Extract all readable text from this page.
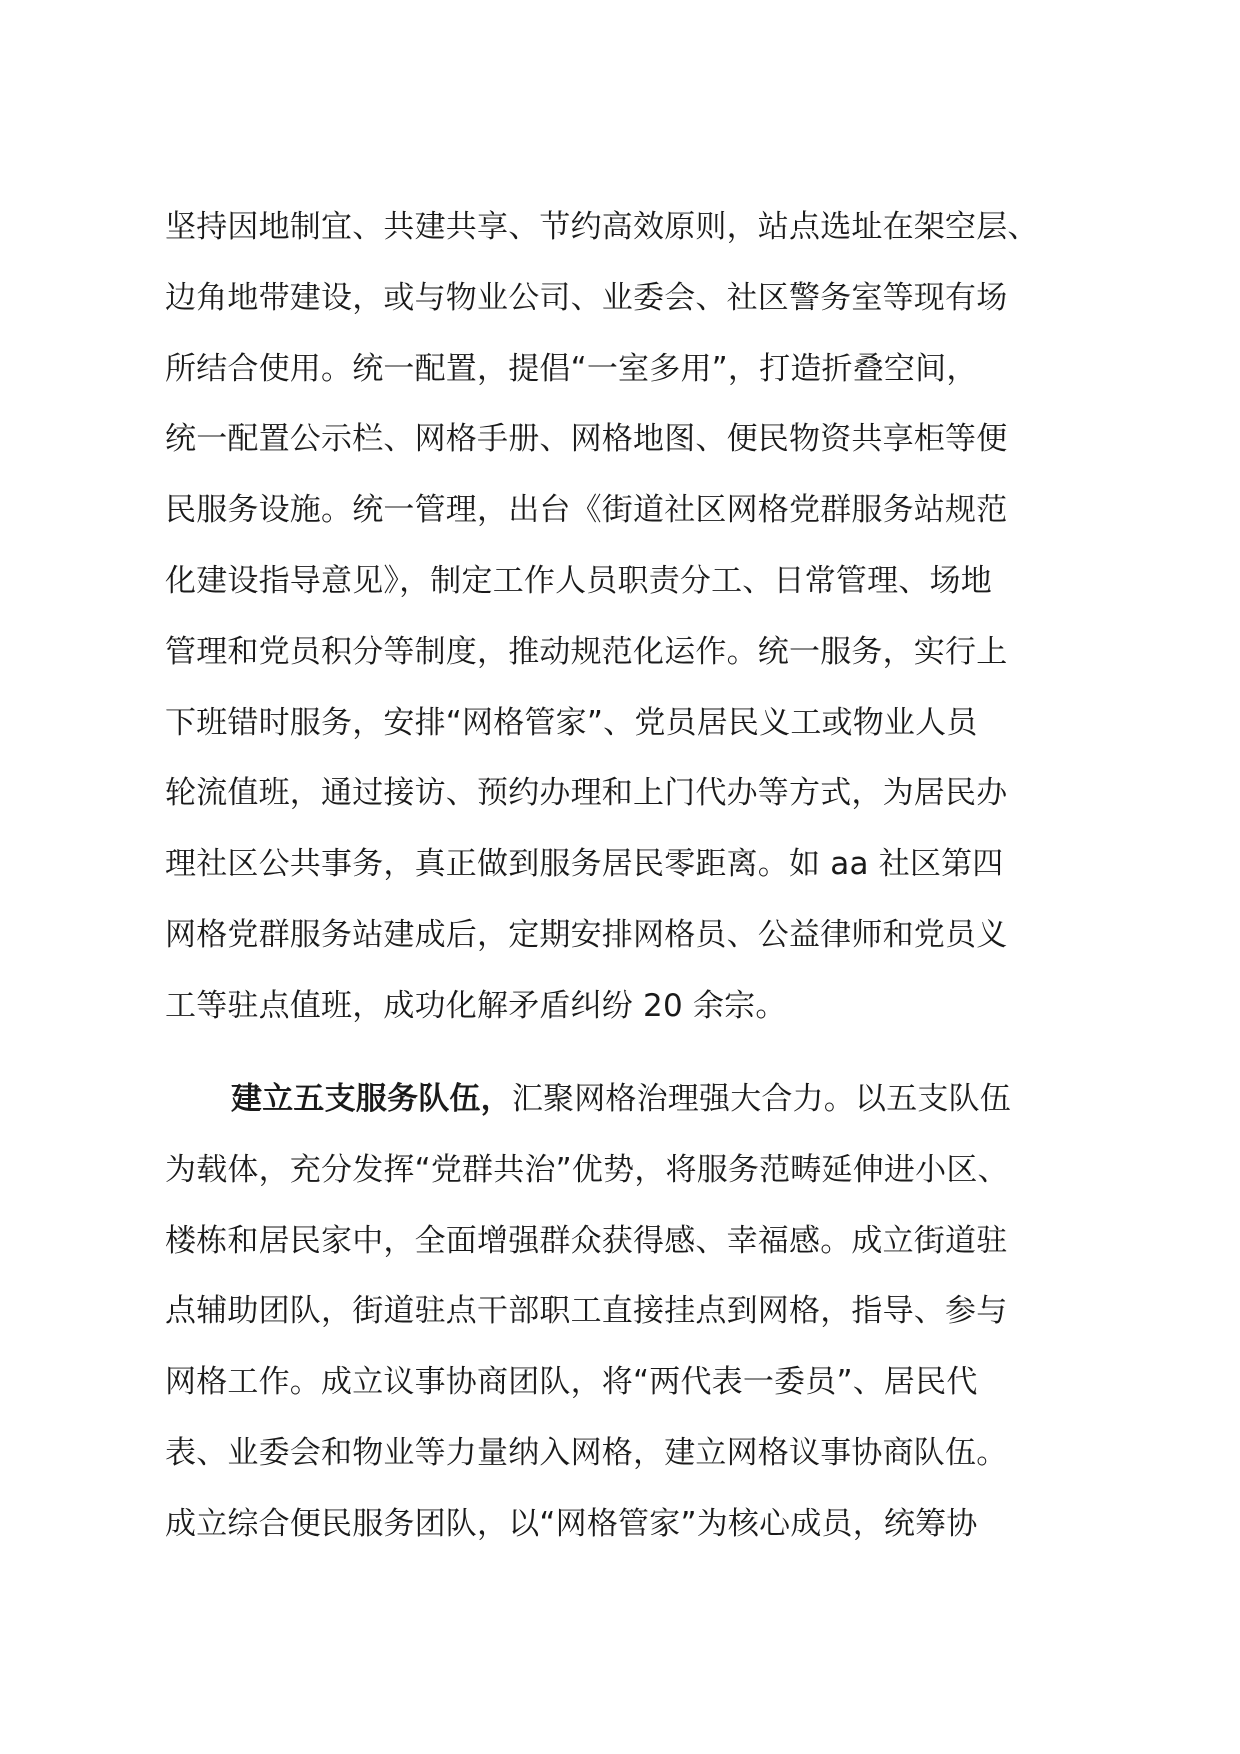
坚持因地制宜、共建共享、节约高效原则，站点选址在架空层、
边角地带建设，或与物业公司、业委会、社区警务室等现有场
所结合使用。统一配置，提倡“一室多用”，打造折叠空间，
统一配置公示栏、网格手册、网格地图、便民物资共享柜等便
民服务设施。统一管理，出台《街道社区网格党群服务站规范
化建设指导意见》，制定工作人员职责分工、日常管理、场地
管理和党员积分等制度，推动规范化运作。统一服务，实行上
下班错时服务，安排“网格管家”、党员居民义工或物业人员
轮流值班，通过接访、预约办理和上门代办等方式，为居民办
理社区公共事务，真正做到服务居民零距离。如 aa 社区第四
网格党群服务站建成后，定期安排网格员、公益律师和党员义
工等驻点值班，成功化解矛盾纠纷 20 余宗。
建立五支服务队伍，汇聚网格治理强大合力。以五支队伍
为载体，充分发挥“党群共治”优势，将服务范畴延伸进小区、
楼栋和居民家中，全面增强群众获得感、幸福感。成立街道驻
点辅助团队，街道驻点干部职工直接挂点到网格，指导、参与
网格工作。成立议事协商团队，将“两代表一委员”、居民代
表、业委会和物业等力量纳入网格，建立网格议事协商队伍。
成立综合便民服务团队，以“网格管家”为核心成员，统筹协
